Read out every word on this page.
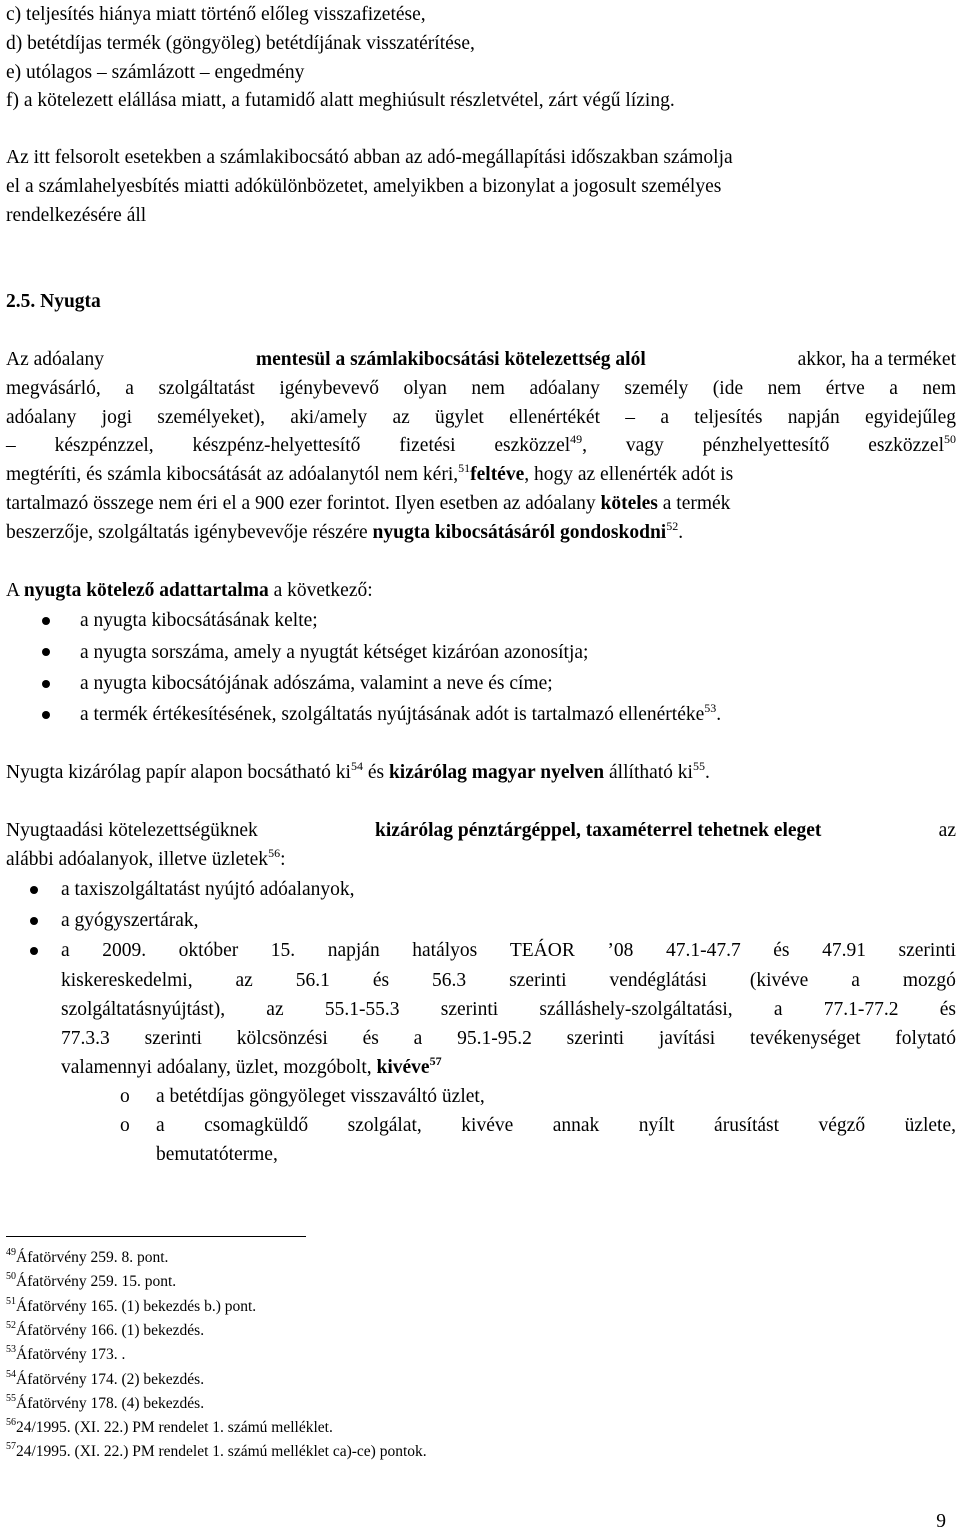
c) teljesítés hiánya miatt történő előleg visszafizetése,
d) betétdíjas termék (göngyöleg) betétdíjának visszatérítése,
e) utólagos – számlázott – engedmény
f) a kötelezett elállása miatt, a futamidő alatt meghiúsult részletvétel, zárt végű lízing.
Az itt felsorolt esetekben a számlakibocsátó abban az adó-megállapítási időszakban számolja
el a számlahelyesbítés miatti adókülönbözetet, amelyikben a bizonylat a jogosult személyes
rendelkezésére áll
2.5. Nyugta
Az adóalany	mentesül a számlakibocsátási kötelezettség alól	akkor, ha a terméket
megvásárló, a szolgáltatást igénybevevő olyan nem adóalany személy (ide nem értve a nem
adóalany jogi személyeket), aki/amely az ügylet ellenértékét – a teljesítés napján egyidejűleg
– készpénzzel, készpénz-helyettesítő fizetési eszközzel$^{49}$, vagy pénzhelyettesítő eszközzel$^{50}$
megtéríti, és számla kibocsátását az adóalanytól nem kéri,$^{51}$feltéve, hogy az ellenérték adót is
tartalmazó összege nem éri el a 900 ezer forintot. Ilyen esetben az adóalany köteles a termék
beszerzője, szolgáltatás igénybevevője részére nyugta kibocsátásáról gondoskodni$^{52}$.
A nyugta kötelező adattartalma a következő:
a nyugta kibocsátásának kelte;
a nyugta sorszáma, amely a nyugtát kétséget kizáróan azonosítja;
a nyugta kibocsátójának adószáma, valamint a neve és címe;
a termék értékesítésének, szolgáltatás nyújtásának adót is tartalmazó ellenértéke$^{53}$.
Nyugta kizárólag papír alapon bocsátható $ki^{54}$ és kizárólag magyar nyelven állítható $ki^{55}$.
Nyugtaadási kötelezettségüknek	kizárólag pénztárgéppel, taxaméterrel tehetnek eleget	az
alábbi adóalanyok, illetve üzletek$^{56}$:
a taxiszolgáltatást nyújtó adóalanyok,
a gyógyszertárak,
a 2009. október 15. napján hatályos TEÁOR ’08 47.1-47.7 és 47.91 szerinti
kiskereskedelmi, az 56.1 és 56.3 szerinti vendéglátási (kivéve a mozgó
szolgáltatásnyújtást), az 55.1-55.3 szerinti szálláshely-szolgáltatási, a 77.1-77.2 és
77.3.3 szerinti kölcsönzési és a 95.1-95.2 szerinti javítási tevékenységet folytató
valamennyi adóalany, üzlet, mozgóbolt, kivéve$^{57}$
o a betétdíjas göngyöleget visszaváltó üzlet,
o a csomagküldő szolgálat, kivéve annak nyílt árusítást végző üzlete,
bemutatóterme,
$^{49}$Áfatörvény 259. 8. pont.
$^{50}$Áfatörvény 259. 15. pont.
$^{51}$Áfatörvény 165. (1) bekezdés b.) pont.
$^{52}$Áfatörvény 166. (1) bekezdés.
$^{53}$Áfatörvény 173. .
$^{54}$Áfatörvény 174. (2) bekezdés.
$^{55}$Áfatörvény 178. (4) bekezdés.
$^{56}$24/1995. (XI. 22.) PM rendelet 1. számú melléklet.
$^{57}$24/1995. (XI. 22.) PM rendelet 1. számú melléklet ca)-ce) pontok.
9
